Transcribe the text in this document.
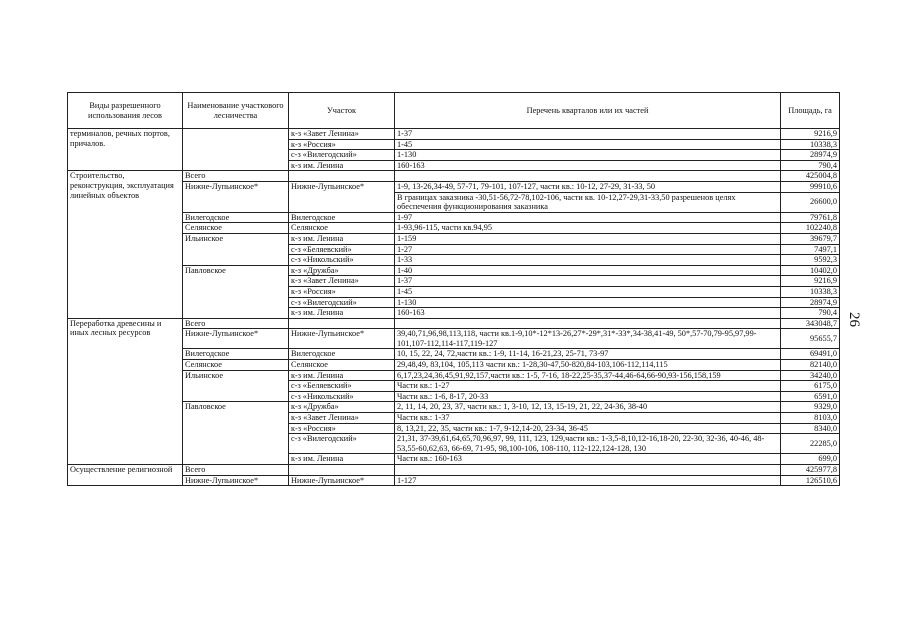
Виды разрешенного использования лесов	Наименование участкового лесничества	Участок	Перечень кварталов или их частей	Площадь, га
терминалов, речных портов, причалов.		к-з «Завет Ленина»	1-37	9216,9
		к-з «Россия»	1-45	10338,3
		с-з «Вилегодский»	1-130	28974,9
		к-з им. Ленина	160-163	790,4
Строительство, реконструкция, эксплуатация линейных объектов	Всего			425004,8
	Нижне-Лупьинское*	Нижне-Лупьинское*	1-9, 13-26,34-49, 57-71, 79-101, 107-127, части кв.: 10-12, 27-29, 31-33, 50	99910,6
			В границах заказника -30,51-56,72-78,102-106, части кв. 10-12,27-29,31-33,50 разрешенов целях обеспечения функционирования заказника	26600,0
	Вилегодское	Вилегодское	1-97	79761,8
	Селянское	Селянское	1-93,96-115, части кв.94,95	102240,8
	Ильинское	к-з им. Ленина	1-159	39679,7
		с-з «Беляевский»	1-27	7497,1
		с-з «Никольский»	1-33	9592,3
	Павловское	к-з «Дружба»	1-40	10402,0
		к-з «Завет Ленина»	1-37	9216,9
		к-з «Россия»	1-45	10338,3
		с-з «Вилегодский»	1-130	28974,9
		к-з им. Ленина	160-163	790,4
Переработка древесины и иных лесных ресурсов	Всего			343048,7
	Нижне-Лупьинское*	Нижне-Лупьинское*	39,40,71,96,98,113,118, части кв.1-9,10*-12*13-26,27*-29*,31*-33*,34-38,41-49, 50*,57-70,79-95,97,99-101,107-112,114-117,119-127	95655,7
	Вилегодское	Вилегодское	10, 15, 22, 24, 72,части кв.: 1-9, 11-14, 16-21,23, 25-71, 73-97	69491,0
	Селянское	Селянское	29,48,49, 83,104, 105,113 части кв.: 1-28,30-47,50-820,84-103,106-112,114,115	82140,0
	Ильинское	к-з им. Ленина	6,17,23,24,36,45,91,92,157,части кв.: 1-5, 7-16, 18-22,25-35,37-44,46-64,66-90,93-156,158,159	34240,0
		с-з «Беляевский»	Части кв.: 1-27	6175,0
		с-з «Никольский»	Части кв.: 1-6, 8-17, 20-33	6591,0
	Павловское	к-з «Дружба»	2, 11, 14, 20, 23, 37, части кв.: 1, 3-10, 12, 13, 15-19, 21, 22, 24-36, 38-40	9329,0
		к-з «Завет Ленина»	Части кв.: 1-37	8103,0
		к-з «Россия»	8, 13,21, 22, 35, части кв.: 1-7, 9-12,14-20, 23-34, 36-45	8340,0
		с-з «Вилегодский»	21,31, 37-39,61,64,65,70,96,97, 99, 111, 123, 129,части кв.: 1-3,5-8,10,12-16,18-20, 22-30, 32-36, 40-46, 48-53,55-60,62,63, 66-69, 71-95, 98,100-106, 108-110, 112-122,124-128, 130	22285,0
		к-з им. Ленина	Части кв.: 160-163	699,0
Осуществление религиозной	Всего			425977,8
	Нижне-Лупьинское*	Нижне-Лупьинское*	1-127	126510,6
26
